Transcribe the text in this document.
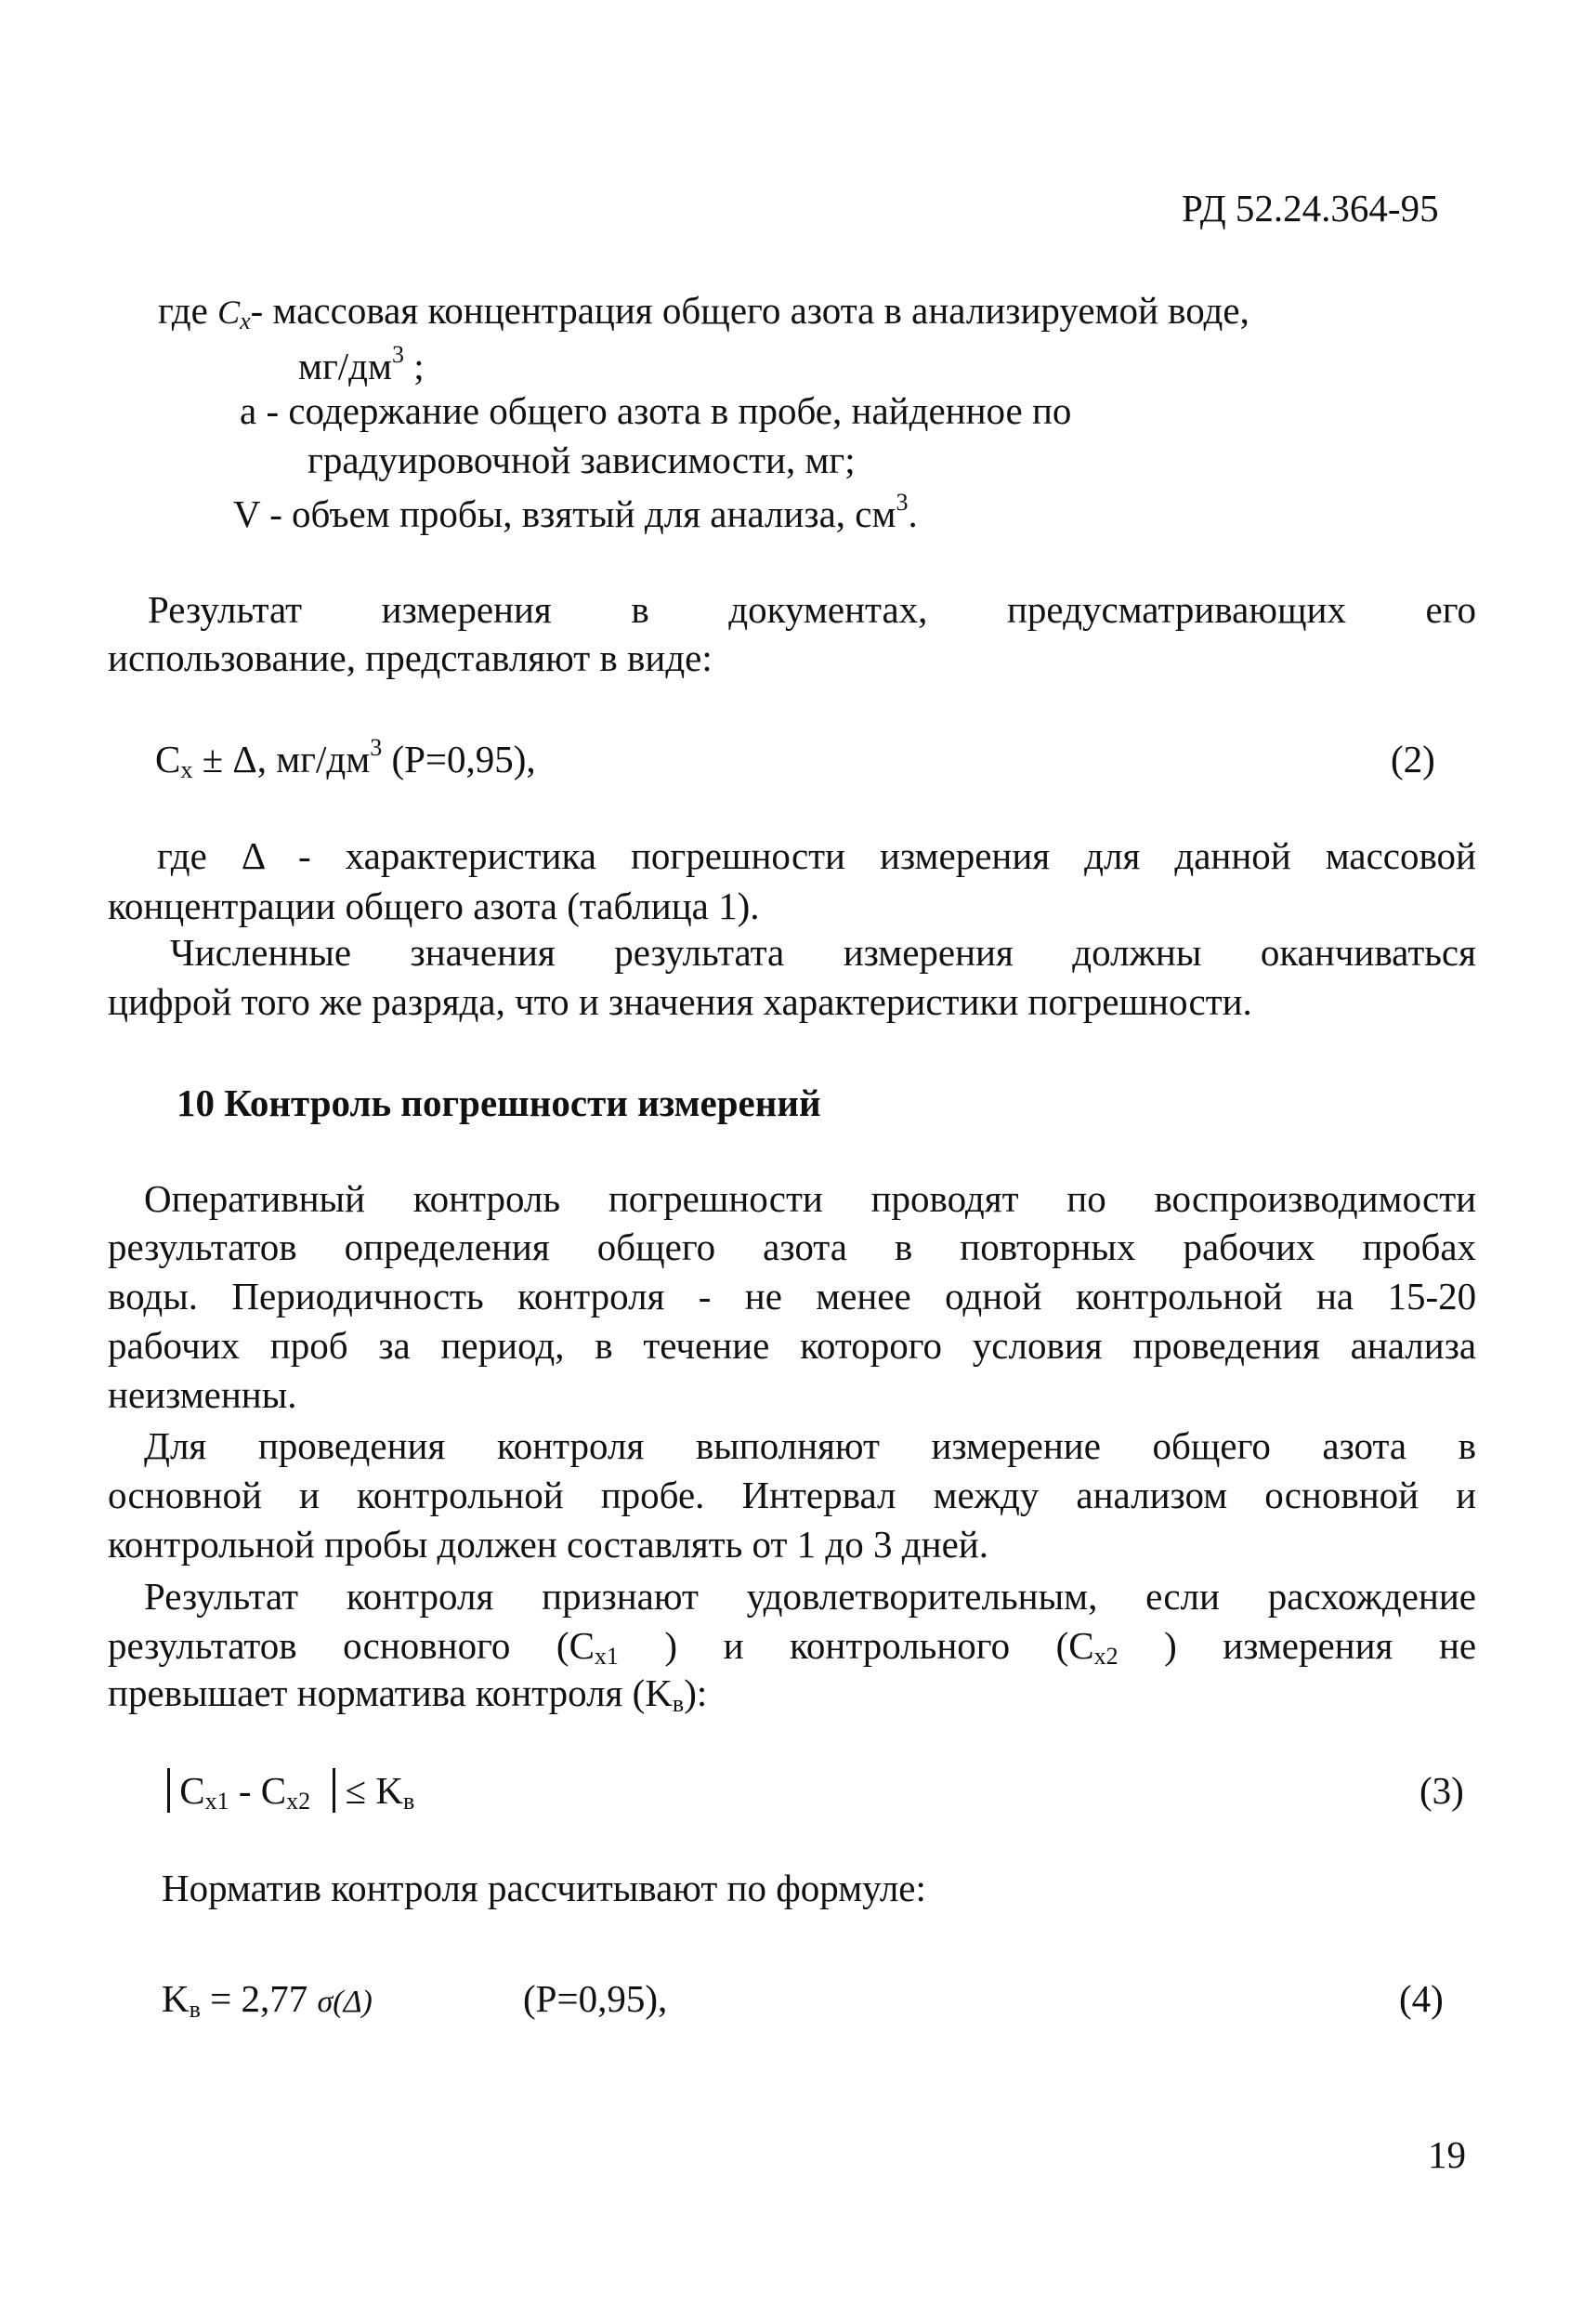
РД 52.24.364-95
где $C_x-$ массовая концентрация общего азота в анализируемой воде,
$мг/дм^3$ ;
а - содержание общего азота в пробе, найденное по
градуировочной зависимости, мг;
V - объем пробы, взятый для анализа, $см^3$.
Результат измерения в документах, предусматривающих его
использование, представляют в виде:
$C_x \pm \Delta$, $мг/дм^3$ (P=0,95),	(2)
где Δ - характеристика погрешности измерения для данной массовой
концентрации общего азота (таблица 1).
Численные значения результата измерения должны оканчиваться
цифрой того же разряда, что и значения характеристики погрешности.
10 Контроль погрешности измерений
Оперативный контроль погрешности проводят по воспроизводимости
результатов определения общего азота в повторных рабочих пробах
воды. Периодичность контроля - не менее одной контрольной на 15-20
рабочих проб за период, в течение которого условия проведения анализа
неизменны.
Для проведения контроля выполняют измерение общего азота в
основной и контрольной пробе. Интервал между анализом основной и
контрольной пробы должен составлять от 1 до 3 дней.
Результат контроля признают удовлетворительным, если расхождение
результатов основного ($C_{x1}$ ) и контрольного ($C_{x2}$ ) измерения не
превышает норматива контроля $(K_в)$:
$C_{x1} - C_{x2} \le K_в$	(3)
Норматив контроля рассчитывают по формуле:
$K_в = 2,77$ σ(Δ)	(P=0,95),	(4)
19
